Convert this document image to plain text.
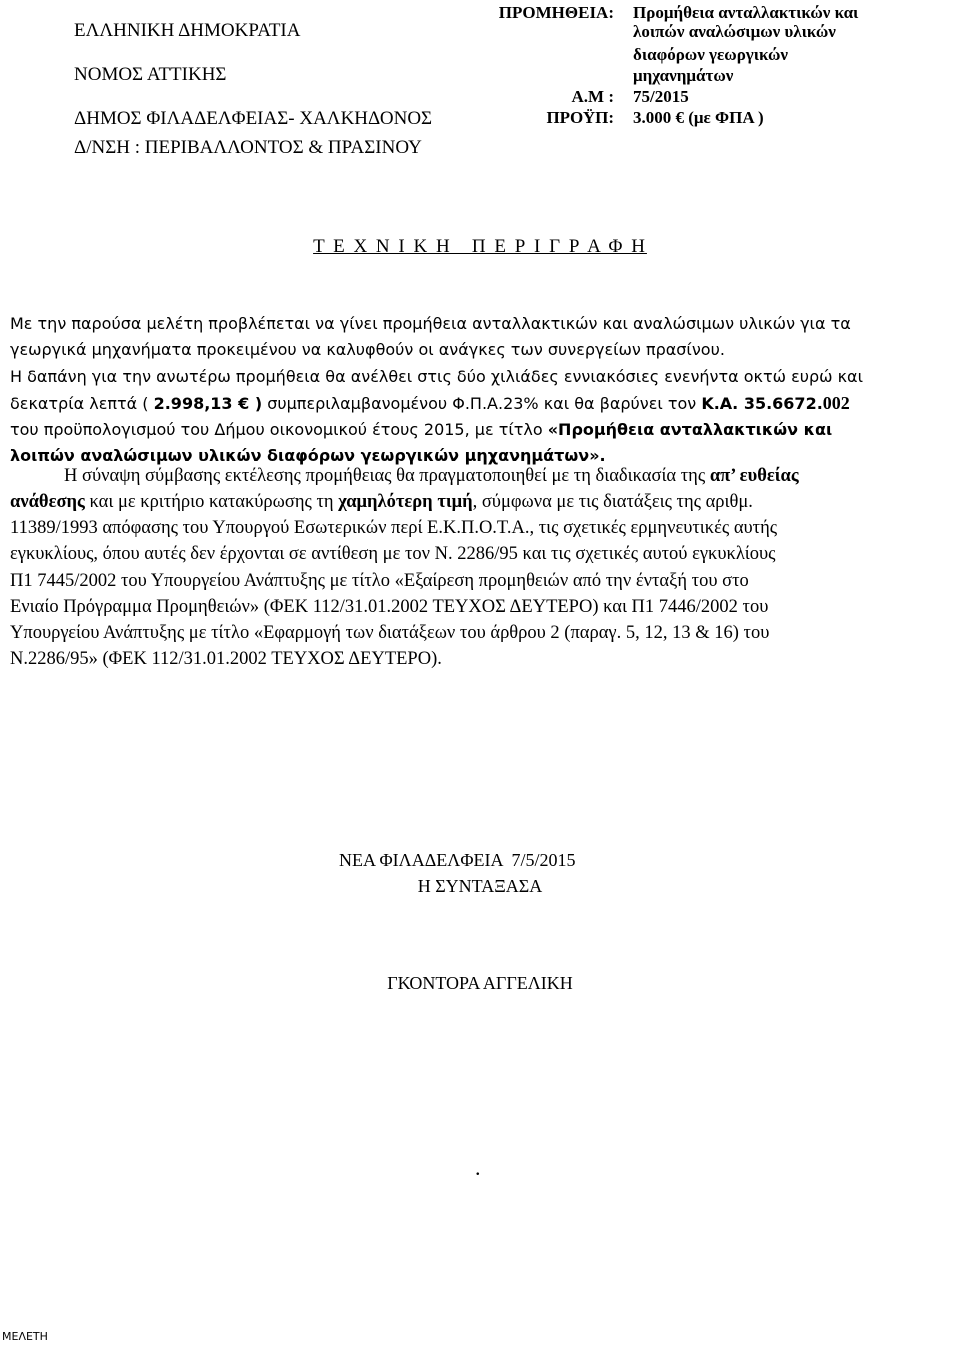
ΕΛΛΗΝΙΚΗ ΔΗΜΟΚΡΑΤΙΑ
ΝΟΜΟΣ ΑΤΤΙΚΗΣ
ΔΗΜΟΣ ΦΙΛΑΔΕΛΦΕΙΑΣ- ΧΑΛΚΗΔΟΝΟΣ
Δ/ΝΣΗ : ΠΕΡΙΒΑΛΛΟΝΤΟΣ & ΠΡΑΣΙΝΟΥ
ΠΡΟΜΗΘΕΙΑ: Προμήθεια ανταλλακτικών και
λοιπών αναλώσιμων υλικών
διαφόρων γεωργικών
μηχανημάτων
Α.Μ : 75/2015
ΠΡΟΫΠ: 3.000 € (με ΦΠΑ )
Τ Ε Χ Ν Ι Κ Η   Π Ε Ρ Ι Γ Ρ Α Φ Η
Με την παρούσα μελέτη προβλέπεται να γίνει προμήθεια ανταλλακτικών και αναλώσιμων υλικών για τα
γεωργικά μηχανήματα προκειμένου να καλυφθούν οι ανάγκες των συνεργείων πρασίνου.
Η δαπάνη για την ανωτέρω προμήθεια θα ανέλθει στις δύο χιλιάδες εννιακόσιες ενενήντα οκτώ ευρώ και
δεκατρία λεπτά ( 2.998,13 € ) συμπεριλαμβανομένου Φ.Π.Α.23% και θα βαρύνει τον Κ.Α. 35.6672.002
του προϋπολογισμού του Δήμου οικονομικού έτους 2015, με τίτλο «Προμήθεια ανταλλακτικών και
λοιπών αναλώσιμων υλικών διαφόρων γεωργικών μηχανημάτων».
Η σύναψη σύμβασης εκτέλεσης προμήθειας θα πραγματοποιηθεί με τη διαδικασία της απ’ ευθείας
ανάθεσης και με κριτήριο κατακύρωσης τη χαμηλότερη τιμή, σύμφωνα με τις διατάξεις της αριθμ.
11389/1993 απόφασης του Υπουργού Εσωτερικών περί Ε.Κ.Π.Ο.Τ.Α., τις σχετικές ερμηνευτικές αυτής
εγκυκλίους, όπου αυτές δεν έρχονται σε αντίθεση με τον Ν. 2286/95 και τις σχετικές αυτού εγκυκλίους
Π1 7445/2002 του Υπουργείου Ανάπτυξης με τίτλο «Εξαίρεση προμηθειών από την ένταξή του στο
Ενιαίο Πρόγραμμα Προμηθειών» (ΦΕΚ 112/31.01.2002 ΤΕΥΧΟΣ ΔΕΥΤΕΡΟ) και Π1 7446/2002 του
Υπουργείου Ανάπτυξης με τίτλο «Εφαρμογή των διατάξεων του άρθρου 2 (παραγ. 5, 12, 13 & 16) του
Ν.2286/95» (ΦΕΚ 112/31.01.2002 ΤΕΥΧΟΣ ΔΕΥΤΕΡΟ).
ΝΕΑ ΦΙΛΑΔΕΛΦΕΙΑ  7/5/2015
Η ΣΥΝΤΑΞΑΣΑ
ΓΚΟΝΤΟΡΑ ΑΓΓΕΛΙΚΗ
.
ΜΕΛΕΤΗ
